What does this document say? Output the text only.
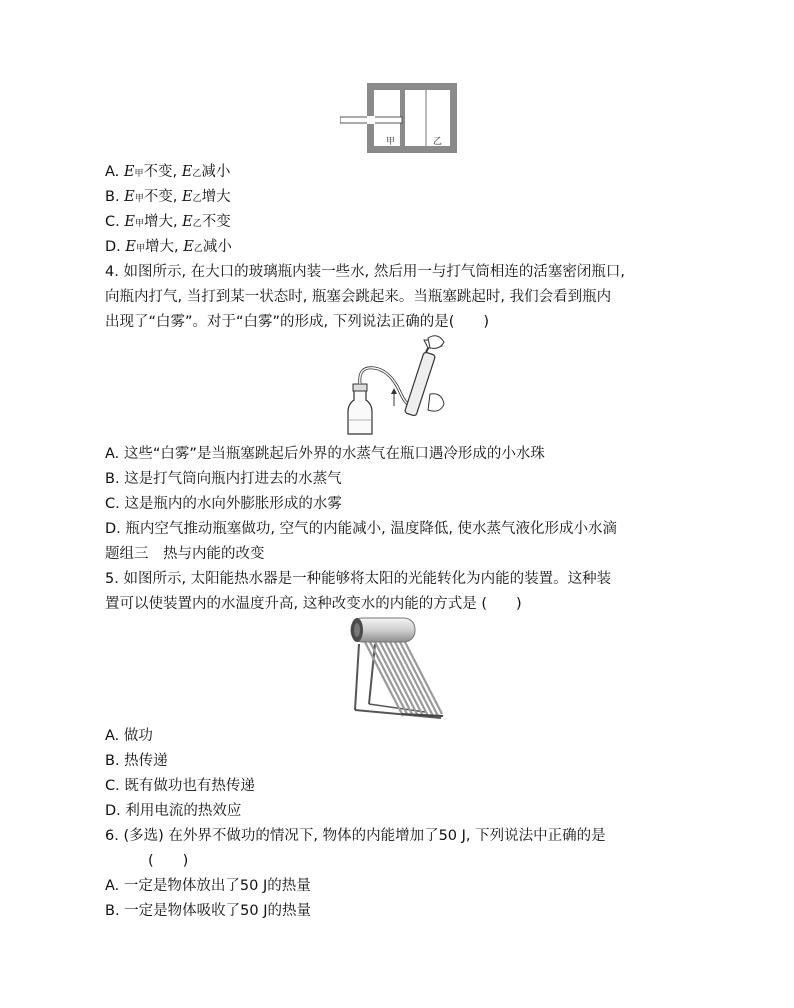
甲	乙
A. E甲不变, E乙减小
B. E甲不变, E乙增大
C. E甲增大, E乙不变
D. E甲增大, E乙减小
4. 如图所示, 在大口的玻璃瓶内装一些水, 然后用一与打气筒相连的活塞密闭瓶口,
向瓶内打气, 当打到某一状态时, 瓶塞会跳起来。当瓶塞跳起时, 我们会看到瓶内
出现了“白雾”。对于“白雾”的形成, 下列说法正确的是(　　)
A. 这些“白雾”是当瓶塞跳起后外界的水蒸气在瓶口遇冷形成的小水珠
B. 这是打气筒向瓶内打进去的水蒸气
C. 这是瓶内的水向外膨胀形成的水雾
D. 瓶内空气推动瓶塞做功, 空气的内能减小, 温度降低, 使水蒸气液化形成小水滴
题组三　热与内能的改变
5. 如图所示, 太阳能热水器是一种能够将太阳的光能转化为内能的装置。这种装
置可以使装置内的水温度升高, 这种改变水的内能的方式是 (　　)
A. 做功
B. 热传递
C. 既有做功也有热传递
D. 利用电流的热效应
6. (多选) 在外界不做功的情况下, 物体的内能增加了50 J, 下列说法中正确的是
(　　)
A. 一定是物体放出了50 J的热量
B. 一定是物体吸收了50 J的热量
